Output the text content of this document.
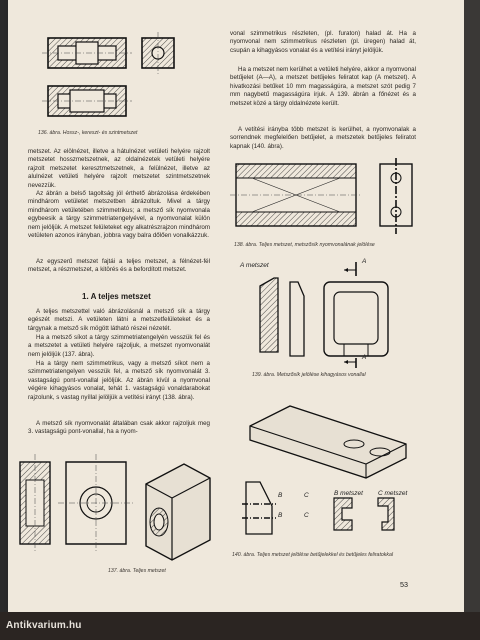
136. ábra. Hossz-, kereszt- és szintmetszet
metszet. Az elölnézet, illetve a hátulnézet vetületi helyére rajzolt metszetet hosszmetszetnek, az oldalnézetek vetületi helyére rajzolt metszetet keresztmetszetnek, a felülnézet, illetve az alulnézet vetületi helyére rajzolt metszetet szintmetszetnek nevezzük.
Az ábrán a belső tagoltság jól érthető ábrázolása érdekében mindhárom vetületet metszetben ábrázoltuk. Mivel a tárgy mindhárom vetületében szimmetrikus; a metsző sík nyomvonala egybeesik a tárgy szimmetriatengelyével, a nyomvonalat külön nem jelöljük. A metszet felületeket egy alkatrészrajzon mindhárom vetületen azonos irányban, jobbra vagy balra dőlően vonalkázzuk.
Az egyszerű metszet fajtái a teljes metszet, a félnézet-fél metszet, a részmetszet, a kitörés és a befordított metszet.
1. A teljes metszet
A teljes metszettel való ábrázolásnál a metsző sík a tárgy egészét metszi. A vetületen látni a metszetfelületeket és a tárgynak a metsző sík mögött látható részei nézetét.
Ha a metsző síkot a tárgy szimmetriatengelyén vesszük fel és a metszetet a vetületi helyére rajzoljuk, a metszet nyomvonalát nem jelöljük (137. ábra).
Ha a tárgy nem szimmetrikus, vagy a metsző síkot nem a szimmetriatengelyen vesszük fel, a metsző sík nyomvonalát 3. vastagságú pont-vonallal jelöljük. Az ábrán kívül a nyomvonal végére kihagyásos vonalat, tehát 1. vastagságú vonaldarabokat rajzolunk, s vastag nyíllal jelöljük a vetítési irányt (138. ábra).
A metsző sík nyomvonalát általában csak akkor rajzoljuk meg 3. vastagságú pont-vonallal, ha a nyom-
137. ábra. Teljes metszet
vonal szimmetrikus részleten, (pl. furaton) halad át. Ha a nyomvonal nem szimmetrikus részleten (pl. üregen) halad át, csupán a kihagyásos vonalat és a vetítési irányt jelöljük.
Ha a metszet nem kerülhet a vetületi helyére, akkor a nyomvonal betűjelet (A—A), a metszet betűjeles feliratot kap (A metszet). A hivatkozási betűket 10 mm magasságúra, a metszet szót pedig 7 mm nagybetű magasságúra írjuk. A 139. ábrán a főnézet és a metszet közé a tárgy oldalnézete került.
A vetítési irányba több metszet is kerülhet, a nyomvonalak a sorrendnek megfelelően betűjelet, a metszetek betűjeles feliratot kapnak (140. ábra).
138. ábra. Teljes metszet, metszősík nyomvonalának jelölése
A metszet
A
A
139. ábra. Metszősík jelölése kihagyásos vonallal
B
B
C
C
B metszet C metszet
140. ábra. Teljes metszet jelölése betűjelekkel és betűjeles feliratokkal
53
Antikvarium.hu
